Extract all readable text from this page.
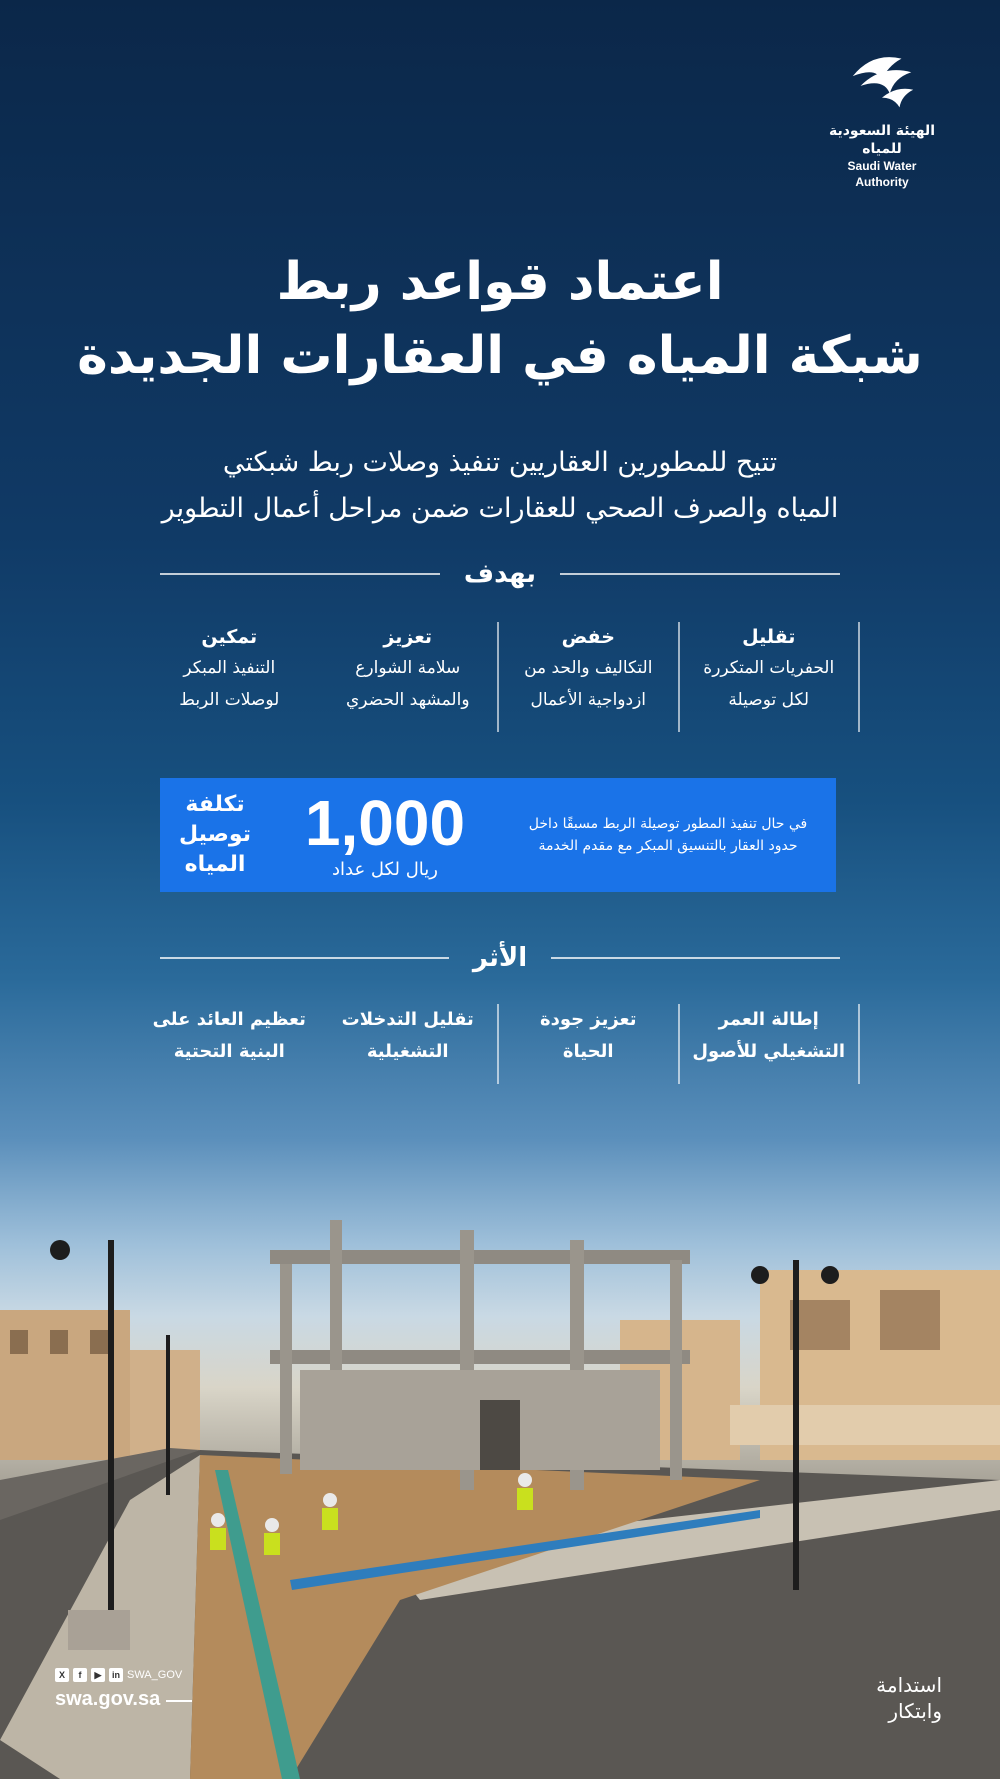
الهيئة السعودية للمياه
Saudi Water Authority
اعتماد قواعد ربط
شبكة المياه في العقارات الجديدة
تتيح للمطورين العقاريين تنفيذ وصلات ربط شبكتي
المياه والصرف الصحي للعقارات ضمن مراحل أعمال التطوير
بهدف
تمكين
التنفيذ المبكر
لوصلات الربط
تعزيز
سلامة الشوارع
والمشهد الحضري
خفض
التكاليف والحد من
ازدواجية الأعمال
تقليل
الحفريات المتكررة
لكل توصيلة
تكلفة
توصيل
المياه
1,000
ريال لكل عداد
في حال تنفيذ المطور توصيلة الربط مسبقًا داخل
حدود العقار بالتنسيق المبكر مع مقدم الخدمة
الأثر
تعظيم العائد على
البنية التحتية
تقليل التدخلات
التشغيلية
تعزيز جودة
الحياة
إطالة العمر
التشغيلي للأصول
X	f	▶	in SWA_GOV
swa.gov.sa
استدامة
وابتكار
